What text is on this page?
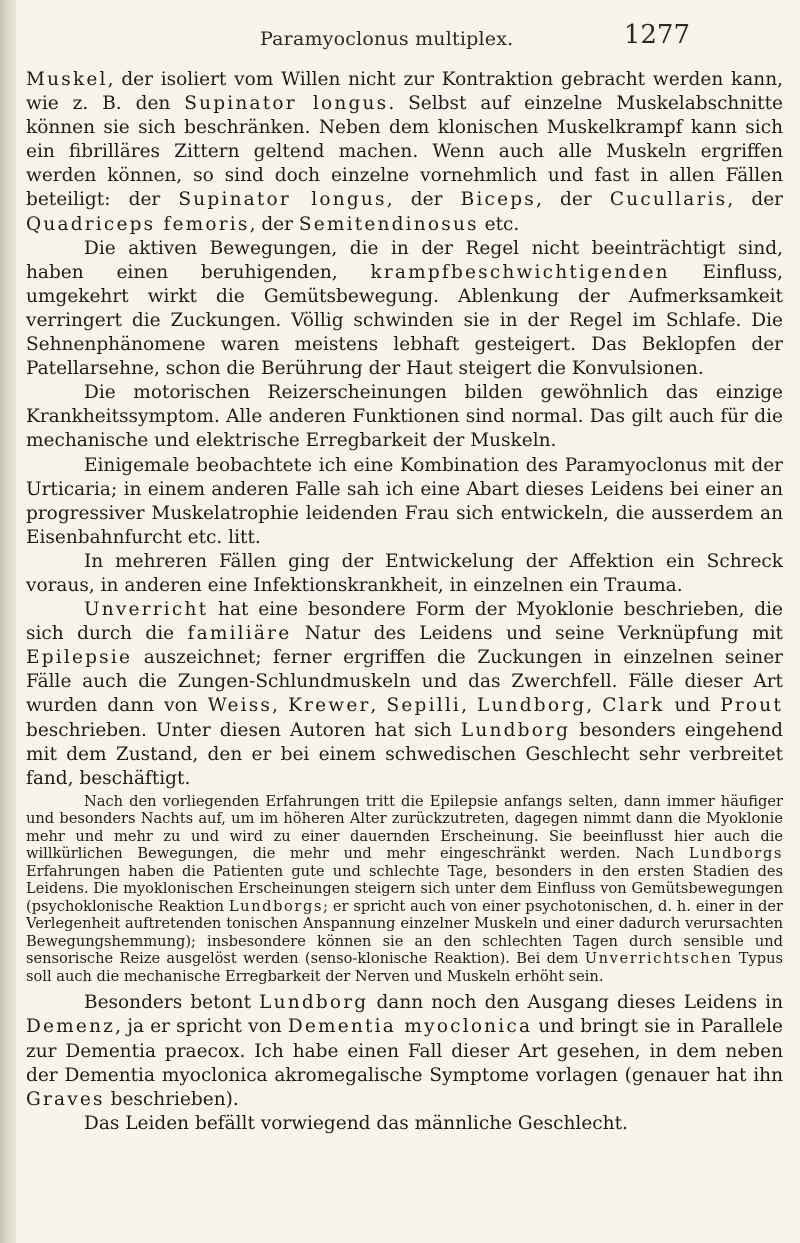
Paramyoclonus multiplex.	1277

Muskel, der isoliert vom Willen nicht zur Kontraktion gebracht werden kann, wie z. B. den Supinator longus. Selbst auf einzelne Muskelabschnitte können sie sich beschränken. Neben dem klonischen Muskelkrampf kann sich ein fibrilläres Zittern geltend machen. Wenn auch alle Muskeln ergriffen werden können, so sind doch einzelne vornehmlich und fast in allen Fällen beteiligt: der Supinator longus, der Biceps, der Cucullaris, der Quadriceps femoris, der Semitendinosus etc.

Die aktiven Bewegungen, die in der Regel nicht beeinträchtigt sind, haben einen beruhigenden, krampfbeschwichtigenden Einfluss, umgekehrt wirkt die Gemütsbewegung. Ablenkung der Aufmerksamkeit verringert die Zuckungen. Völlig schwinden sie in der Regel im Schlafe. Die Sehnenphänomene waren meistens lebhaft gesteigert. Das Beklopfen der Patellarsehne, schon die Berührung der Haut steigert die Konvulsionen.

Die motorischen Reizerscheinungen bilden gewöhnlich das einzige Krankheitssymptom. Alle anderen Funktionen sind normal. Das gilt auch für die mechanische und elektrische Erregbarkeit der Muskeln.

Einigemale beobachtete ich eine Kombination des Paramyoclonus mit der Urticaria; in einem anderen Falle sah ich eine Abart dieses Leidens bei einer an progressiver Muskelatrophie leidenden Frau sich entwickeln, die ausserdem an Eisenbahnfurcht etc. litt.

In mehreren Fällen ging der Entwickelung der Affektion ein Schreck voraus, in anderen eine Infektionskrankheit, in einzelnen ein Trauma.

Unverricht hat eine besondere Form der Myoklonie beschrieben, die sich durch die familiäre Natur des Leidens und seine Verknüpfung mit Epilepsie auszeichnet; ferner ergriffen die Zuckungen in einzelnen seiner Fälle auch die Zungen-Schlundmuskeln und das Zwerchfell. Fälle dieser Art wurden dann von Weiss, Krewer, Sepilli, Lundborg, Clark und Prout beschrieben. Unter diesen Autoren hat sich Lundborg besonders eingehend mit dem Zustand, den er bei einem schwedischen Geschlecht sehr verbreitet fand, beschäftigt.

Nach den vorliegenden Erfahrungen tritt die Epilepsie anfangs selten, dann immer häufiger und besonders Nachts auf, um im höheren Alter zurückzutreten, dagegen nimmt dann die Myoklonie mehr und mehr zu und wird zu einer dauernden Erscheinung. Sie beeinflusst hier auch die willkürlichen Bewegungen, die mehr und mehr eingeschränkt werden. Nach Lundborgs Erfahrungen haben die Patienten gute und schlechte Tage, besonders in den ersten Stadien des Leidens. Die myoklonischen Erscheinungen steigern sich unter dem Einfluss von Gemütsbewegungen (psychoklonische Reaktion Lundborgs; er spricht auch von einer psychotonischen, d. h. einer in der Verlegenheit auftretenden tonischen Anspannung einzelner Muskeln und einer dadurch verursachten Bewegungshemmung); insbesondere können sie an den schlechten Tagen durch sensible und sensorische Reize ausgelöst werden (senso-klonische Reaktion). Bei dem Unverrichtschen Typus soll auch die mechanische Erregbarkeit der Nerven und Muskeln erhöht sein.

Besonders betont Lundborg dann noch den Ausgang dieses Leidens in Demenz, ja er spricht von Dementia myoclonica und bringt sie in Parallele zur Dementia praecox. Ich habe einen Fall dieser Art gesehen, in dem neben der Dementia myoclonica akromegalische Symptome vorlagen (genauer hat ihn Graves beschrieben).

Das Leiden befällt vorwiegend das männliche Geschlecht.
